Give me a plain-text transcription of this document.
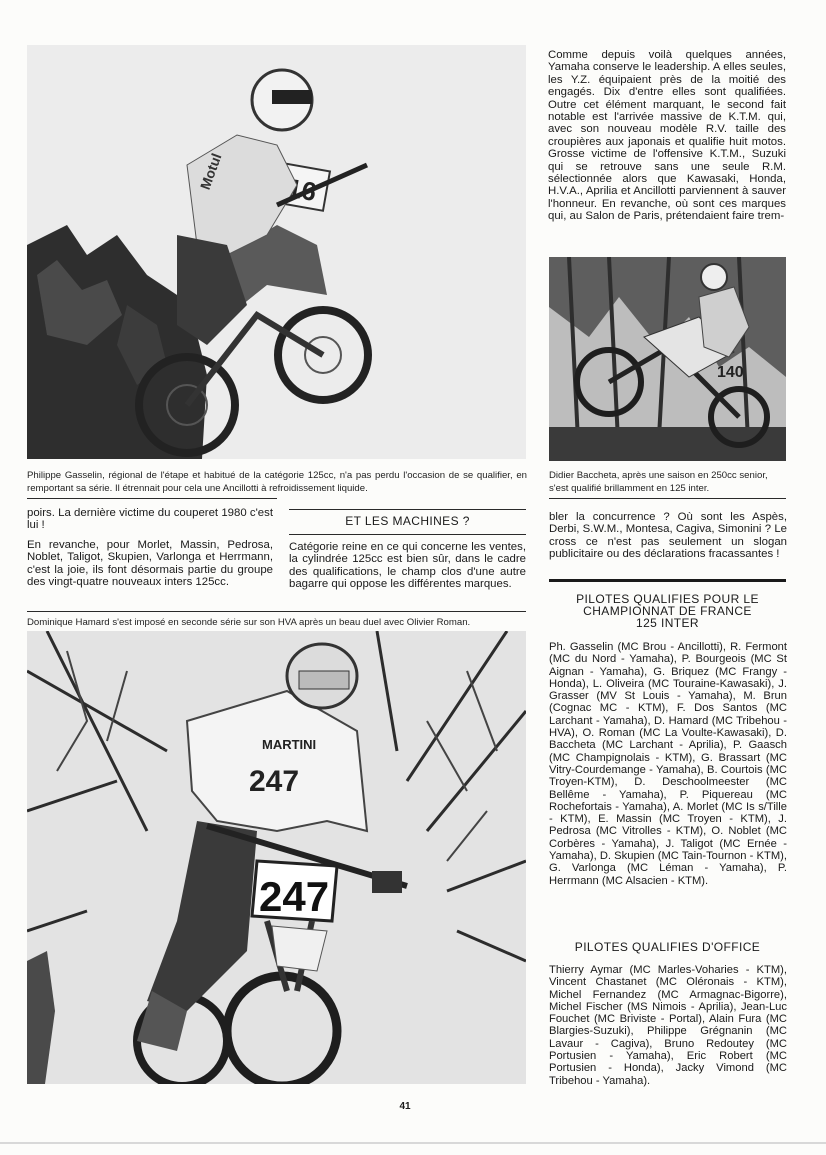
Motul
Philippe Gasselin, régional de l'étape et habitué de la catégorie 125cc, n'a pas perdu l'occasion de se qualifier, en remportant sa série. Il étrennait pour cela une Ancillotti à refroidissement liquide.

Comme depuis voilà quelques années, Yamaha conserve le leadership. A elles seules, les Y.Z. équipaient près de la moitié des engagés. Dix d'entre elles sont qualifiées. Outre cet élément marquant, le second fait notable est l'arrivée massive de K.T.M. qui, avec son nouveau modèle R.V. taille des croupières aux japonais et qualifie huit motos. Grosse victime de l'offensive K.T.M., Suzuki qui se retrouve sans une seule R.M. sélectionnée alors que Kawasaki, Honda, H.V.A., Aprilia et Ancillotti parviennent à sauver l'honneur. En revanche, où sont ces marques qui, au Salon de Paris, prétendaient faire trem-

140
Didier Baccheta, après une saison en 250cc senior, s'est qualifié brillamment en 125 inter.

poirs. La dernière victime du couperet 1980 c'est lui !

En revanche, pour Morlet, Massin, Pedrosa, Noblet, Taligot, Skupien, Varlonga et Herrmann, c'est la joie, ils font désormais partie du groupe des vingt-quatre nouveaux inters 125cc.

ET LES MACHINES ?

Catégorie reine en ce qui concerne les ventes, la cylindrée 125cc est bien sûr, dans le cadre des qualifications, le champ clos d'une autre bagarre qui oppose les différentes marques.

bler la concurrence ? Où sont les Aspès, Derbi, S.W.M., Montesa, Cagiva, Simonini ? Le cross ce n'est pas seulement un slogan publicitaire ou des déclarations fracassantes !

Dominique Hamard s'est imposé en seconde série sur son HVA après un beau duel avec Olivier Roman.
247
MARTINI
247
PILOTES QUALIFIES POUR LE
CHAMPIONNAT DE FRANCE
125 INTER

Ph. Gasselin (MC Brou - Ancillotti), R. Fermont (MC du Nord - Yamaha), P. Bourgeois (MC St Aignan - Yamaha), G. Briquez (MC Frangy - Honda), L. Oliveira (MC Touraine-Kawasaki), J. Grasser (MV St Louis - Yamaha), M. Brun (Cognac MC - KTM), F. Dos Santos (MC Larchant - Yamaha), D. Hamard (MC Tribehou - HVA), O. Roman (MC La Voulte-Kawasaki), D. Baccheta (MC Larchant - Aprilia), P. Gaasch (MC Champignolais - KTM), G. Brassart (MC Vitry-Courdemange - Yamaha), B. Courtois (MC Troyen-KTM), D. Deschoolmeester (MC Bellême - Yamaha), P. Piquereau (MC Rochefortais - Yamaha), A. Morlet (MC Is s/Tille - KTM), E. Massin (MC Troyen - KTM), J. Pedrosa (MC Vitrolles - KTM), O. Noblet (MC Corbères - Yamaha), J. Taligot (MC Ernée - Yamaha), D. Skupien (MC Tain-Tournon - KTM), G. Varlonga (MC Léman - Yamaha), P. Herrmann (MC Alsacien - KTM).

PILOTES QUALIFIES D'OFFICE

Thierry Aymar (MC Marles-Voharies - KTM), Vincent Chastanet (MC Oléronais - KTM), Michel Fernandez (MC Armagnac-Bigorre), Michel Fischer (MS Nimois - Aprilia), Jean-Luc Fouchet (MC Briviste - Portal), Alain Fura (MC Blargies-Suzuki), Philippe Grégnanin (MC Lavaur - Cagiva), Bruno Redoutey (MC Portusien - Yamaha), Eric Robert (MC Portusien - Honda), Jacky Vimond (MC Tribehou - Yamaha).

41
